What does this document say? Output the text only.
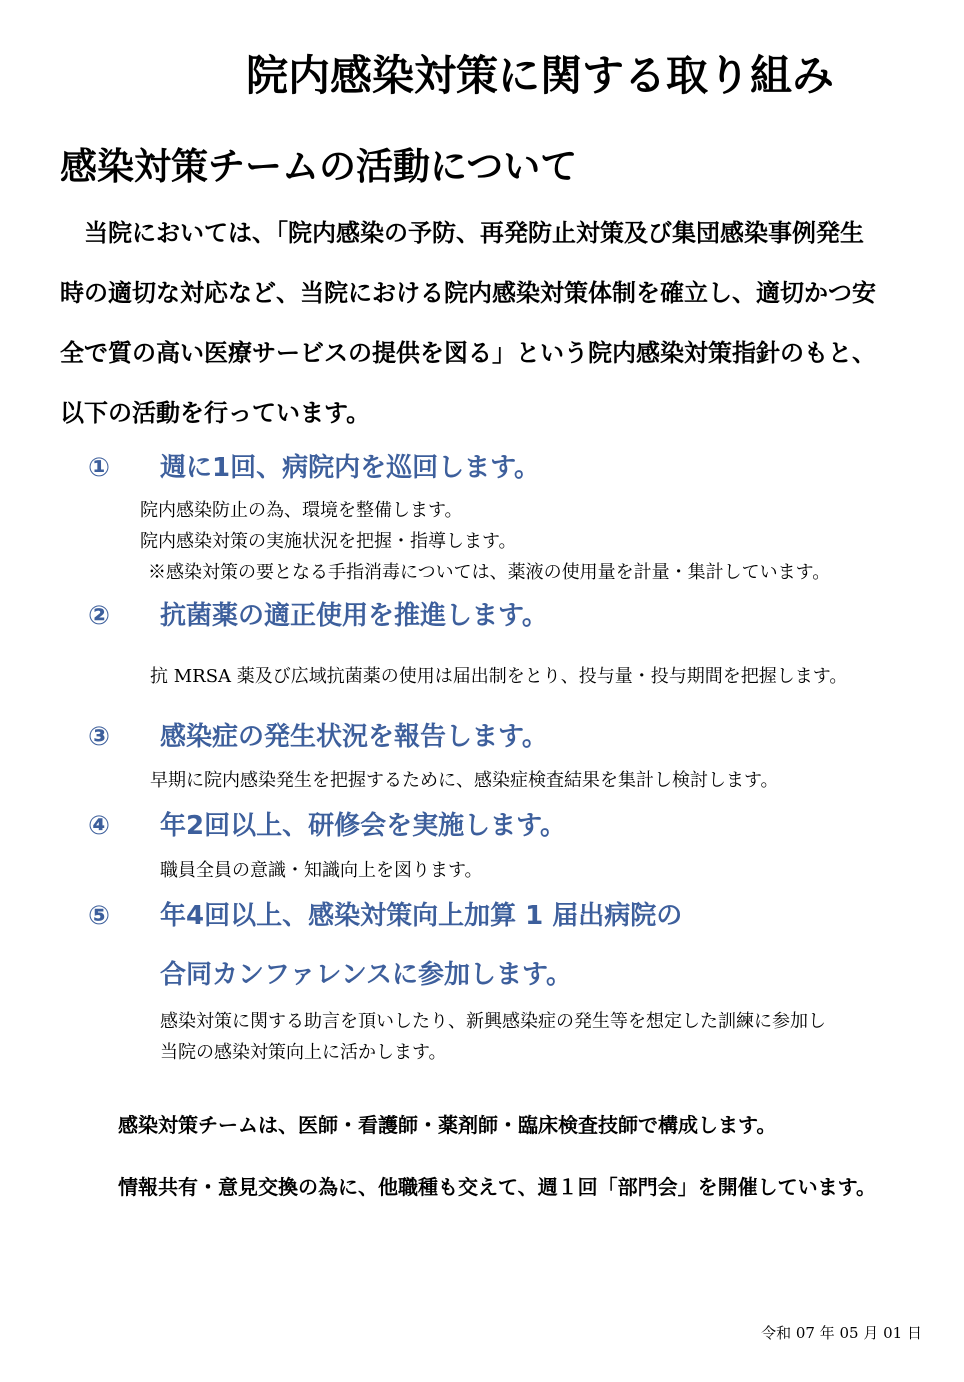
院内感染対策に関する取り組み
感染対策チームの活動について
　当院においては、「院内感染の予防、再発防止対策及び集団感染事例発生
時の適切な対応など、当院における院内感染対策体制を確立し、適切かつ安
全で質の高い医療サービスの提供を図る」という院内感染対策指針のもと、
以下の活動を行っています。
① 週に1回、病院内を巡回します。
院内感染防止の為、環境を整備します。
院内感染対策の実施状況を把握・指導します。
※感染対策の要となる手指消毒については、薬液の使用量を計量・集計しています。
② 抗菌薬の適正使用を推進します。
抗 MRSA 薬及び広域抗菌薬の使用は届出制をとり、投与量・投与期間を把握します。
③ 感染症の発生状況を報告します。
早期に院内感染発生を把握するために、感染症検査結果を集計し検討します。
④ 年2回以上、研修会を実施します。
職員全員の意識・知識向上を図ります。
⑤ 年4回以上、感染対策向上加算 1 届出病院の
合同カンファレンスに参加します。
感染対策に関する助言を頂いしたり、新興感染症の発生等を想定した訓練に参加し
当院の感染対策向上に活かします。
感染対策チームは、医師・看護師・薬剤師・臨床検査技師で構成します。
情報共有・意見交換の為に、他職種も交えて、週１回「部門会」を開催しています。
令和 07 年 05 月 01 日
